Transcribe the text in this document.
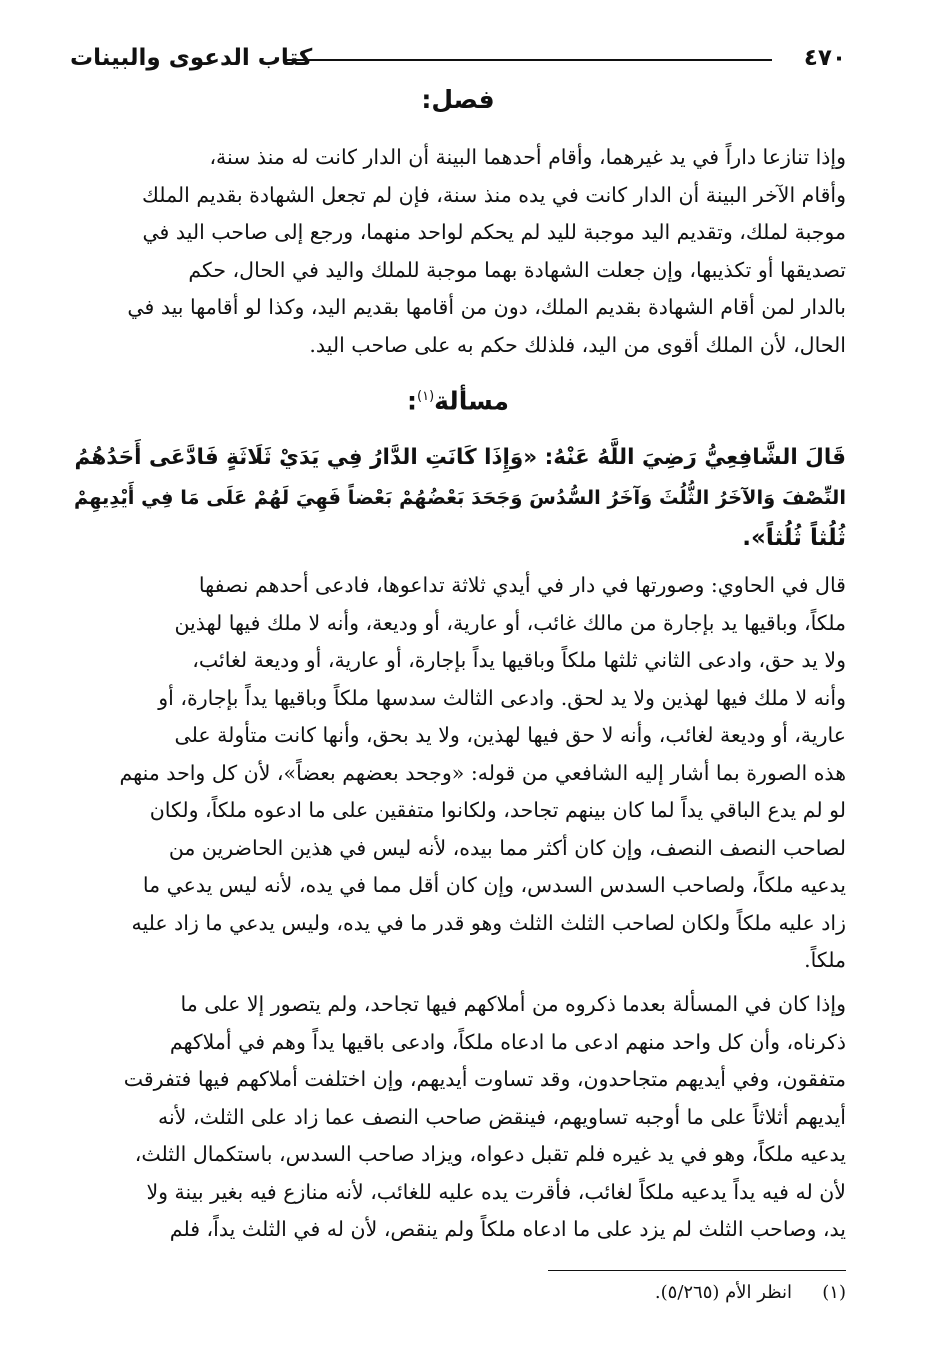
٤٧٠
كتاب الدعوى والبينات
فصل:
وإذا تنازعا داراً في يد غيرهما، وأقام أحدهما البينة أن الدار كانت له منذ سنة،
وأقام الآخر البينة أن الدار كانت في يده منذ سنة، فإن لم تجعل الشهادة بقديم الملك
موجبة لملك، وتقديم اليد موجبة لليد لم يحكم لواحد منهما، ورجع إلى صاحب اليد في
تصديقها أو تكذيبها، وإن جعلت الشهادة بهما موجبة للملك واليد في الحال، حكم
بالدار لمن أقام الشهادة بقديم الملك، دون من أقامها بقديم اليد، وكذا لو أقامها بيد في
الحال، لأن الملك أقوى من اليد، فلذلك حكم به على صاحب اليد.
مسألة$^{(١)}$:
قَالَ الشَّافِعِيُّ رَضِيَ اللَّهُ عَنْهُ: «وَإِذَا كَانَتِ الدَّارُ فِي يَدَيْ ثَلَاثَةٍ فَادَّعَى أَحَدُهُمُ
النِّصْفَ وَالآخَرُ الثُّلُثَ وَآخَرُ السُّدُسَ وَجَحَدَ بَعْضُهُمْ بَعْضاً فَهِيَ لَهُمْ عَلَى مَا فِي أَيْدِيهِمْ
ثُلُثاً ثُلُثاً».
قال في الحاوي: وصورتها في دار في أيدي ثلاثة تداعوها، فادعى أحدهم نصفها
ملكاً، وباقيها يد بإجارة من مالك غائب، أو عارية، أو وديعة، وأنه لا ملك فيها لهذين
ولا يد حق، وادعى الثاني ثلثها ملكاً وباقيها يداً بإجارة، أو عارية، أو وديعة لغائب،
وأنه لا ملك فيها لهذين ولا يد لحق. وادعى الثالث سدسها ملكاً وباقيها يداً بإجارة، أو
عارية، أو وديعة لغائب، وأنه لا حق فيها لهذين، ولا يد بحق، وأنها كانت متأولة على
هذه الصورة بما أشار إليه الشافعي من قوله: «وجحد بعضهم بعضاً»، لأن كل واحد منهم
لو لم يدع الباقي يداً لما كان بينهم تجاحد، ولكانوا متفقين على ما ادعوه ملكاً، ولكان
لصاحب النصف النصف، وإن كان أكثر مما بيده، لأنه ليس في هذين الحاضرين من
يدعيه ملكاً، ولصاحب السدس السدس، وإن كان أقل مما في يده، لأنه ليس يدعي ما
زاد عليه ملكاً ولكان لصاحب الثلث الثلث وهو قدر ما في يده، وليس يدعي ما زاد عليه
ملكاً.
وإذا كان في المسألة بعدما ذكروه من أملاكهم فيها تجاحد، ولم يتصور إلا على ما
ذكرناه، وأن كل واحد منهم ادعى ما ادعاه ملكاً، وادعى باقيها يداً وهم في أملاكهم
متفقون، وفي أيديهم متجاحدون، وقد تساوت أيديهم، وإن اختلفت أملاكهم فيها فتفرقت
أيديهم أثلاثاً على ما أوجبه تساويهم، فينقض صاحب النصف عما زاد على الثلث، لأنه
يدعيه ملكاً، وهو في يد غيره فلم تقبل دعواه، ويزاد صاحب السدس، باستكمال الثلث،
لأن له فيه يداً يدعيه ملكاً لغائب، فأقرت يده عليه للغائب، لأنه منازع فيه بغير بينة ولا
يد، وصاحب الثلث لم يزد على ما ادعاه ملكاً ولم ينقص، لأن له في الثلث يداً، فلم
(١)انظر الأم (٥/٢٦٥).
